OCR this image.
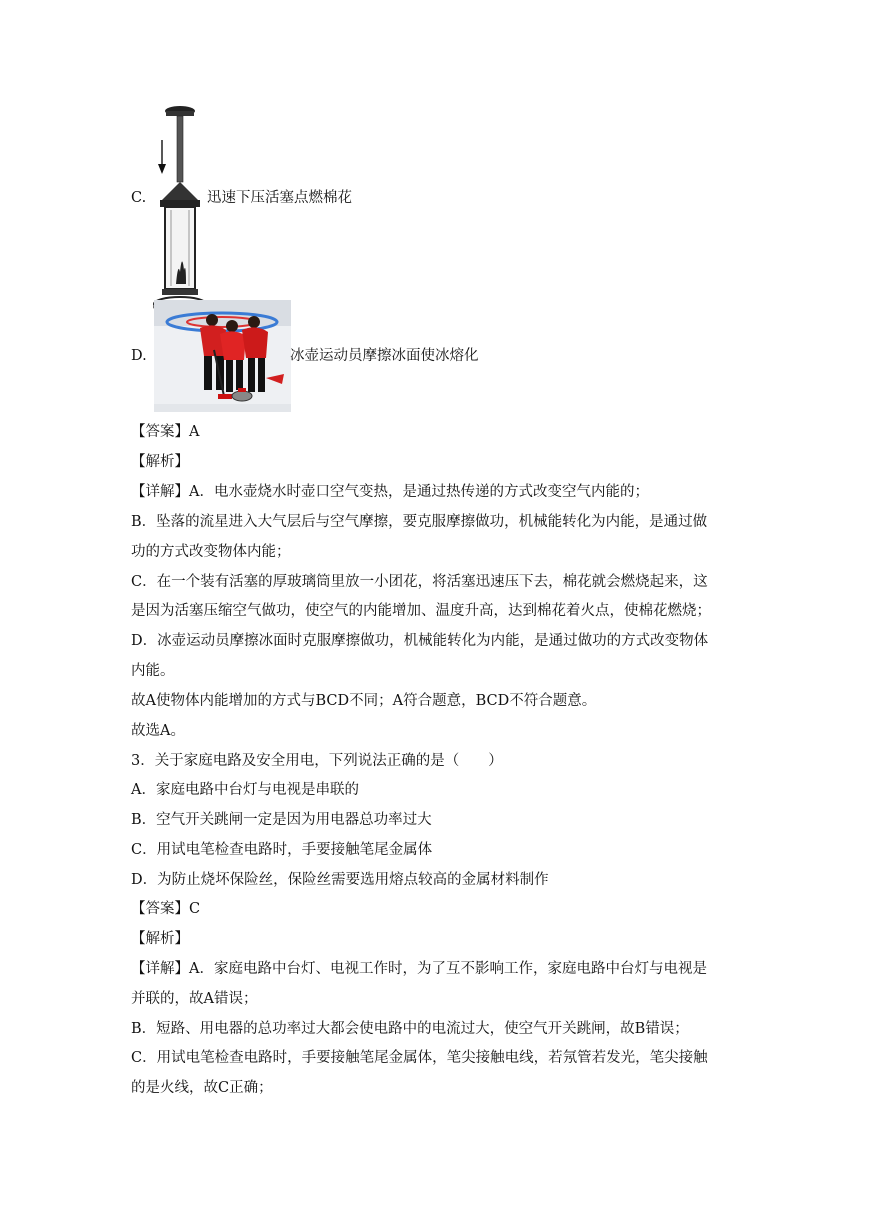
C.	迅速下压活塞点燃棉花
D.	冰壶运动员摩擦冰面使冰熔化
【答案】A
【解析】
【详解】A．电水壶烧水时壶口空气变热，是通过热传递的方式改变空气内能的；
B．坠落的流星进入大气层后与空气摩擦，要克服摩擦做功，机械能转化为内能，是通过做
功的方式改变物体内能；
C．在一个装有活塞的厚玻璃筒里放一小团花，将活塞迅速压下去，棉花就会燃烧起来，这
是因为活塞压缩空气做功，使空气的内能增加、温度升高，达到棉花着火点，使棉花燃烧；
D．冰壶运动员摩擦冰面时克服摩擦做功，机械能转化为内能，是通过做功的方式改变物体
内能。
故A使物体内能增加的方式与BCD不同；A符合题意，BCD不符合题意。
故选A。
3．关于家庭电路及安全用电，下列说法正确的是（　　）
A．家庭电路中台灯与电视是串联的
B．空气开关跳闸一定是因为用电器总功率过大
C．用试电笔检查电路时，手要接触笔尾金属体
D．为防止烧坏保险丝，保险丝需要选用熔点较高的金属材料制作
【答案】C
【解析】
【详解】A．家庭电路中台灯、电视工作时，为了互不影响工作，家庭电路中台灯与电视是
并联的，故A错误；
B．短路、用电器的总功率过大都会使电路中的电流过大，使空气开关跳闸，故B错误；
C．用试电笔检查电路时，手要接触笔尾金属体，笔尖接触电线，若氖管若发光，笔尖接触
的是火线，故C正确；
